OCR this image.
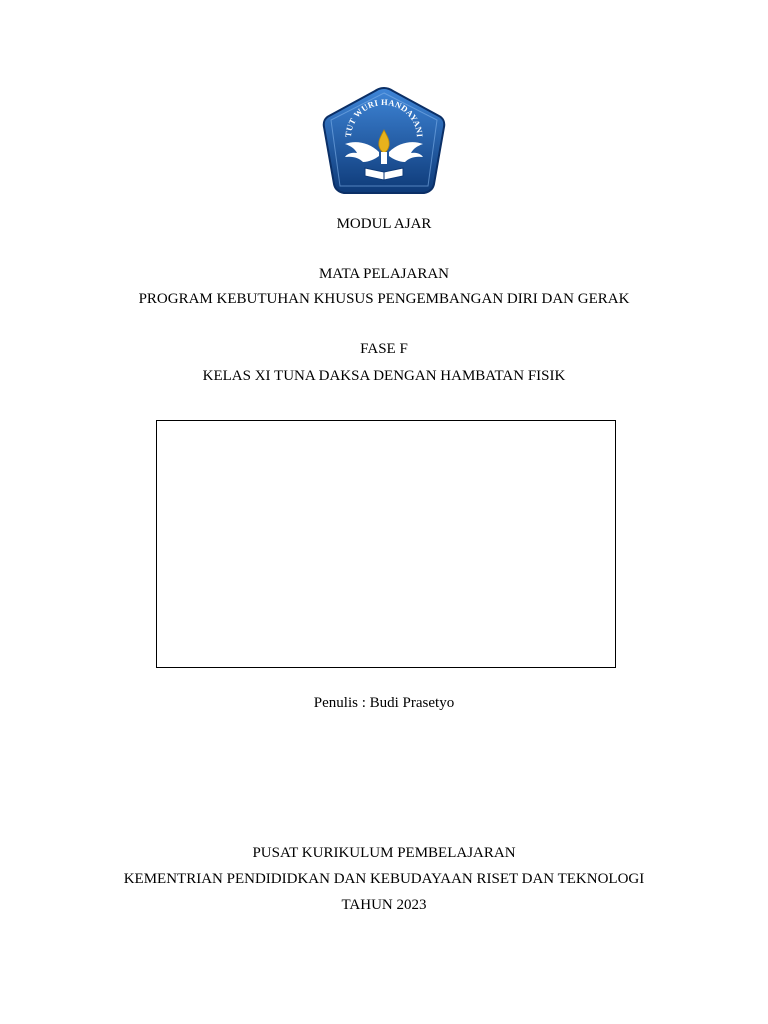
TUT WURI HANDAYANI
MODUL AJAR
MATA PELAJARAN
PROGRAM KEBUTUHAN KHUSUS PENGEMBANGAN DIRI DAN GERAK
FASE F
KELAS XI TUNA DAKSA DENGAN HAMBATAN FISIK
Penulis : Budi Prasetyo
PUSAT KURIKULUM PEMBELAJARAN
KEMENTRIAN PENDIDIDKAN DAN KEBUDAYAAN RISET DAN TEKNOLOGI
TAHUN 2023
